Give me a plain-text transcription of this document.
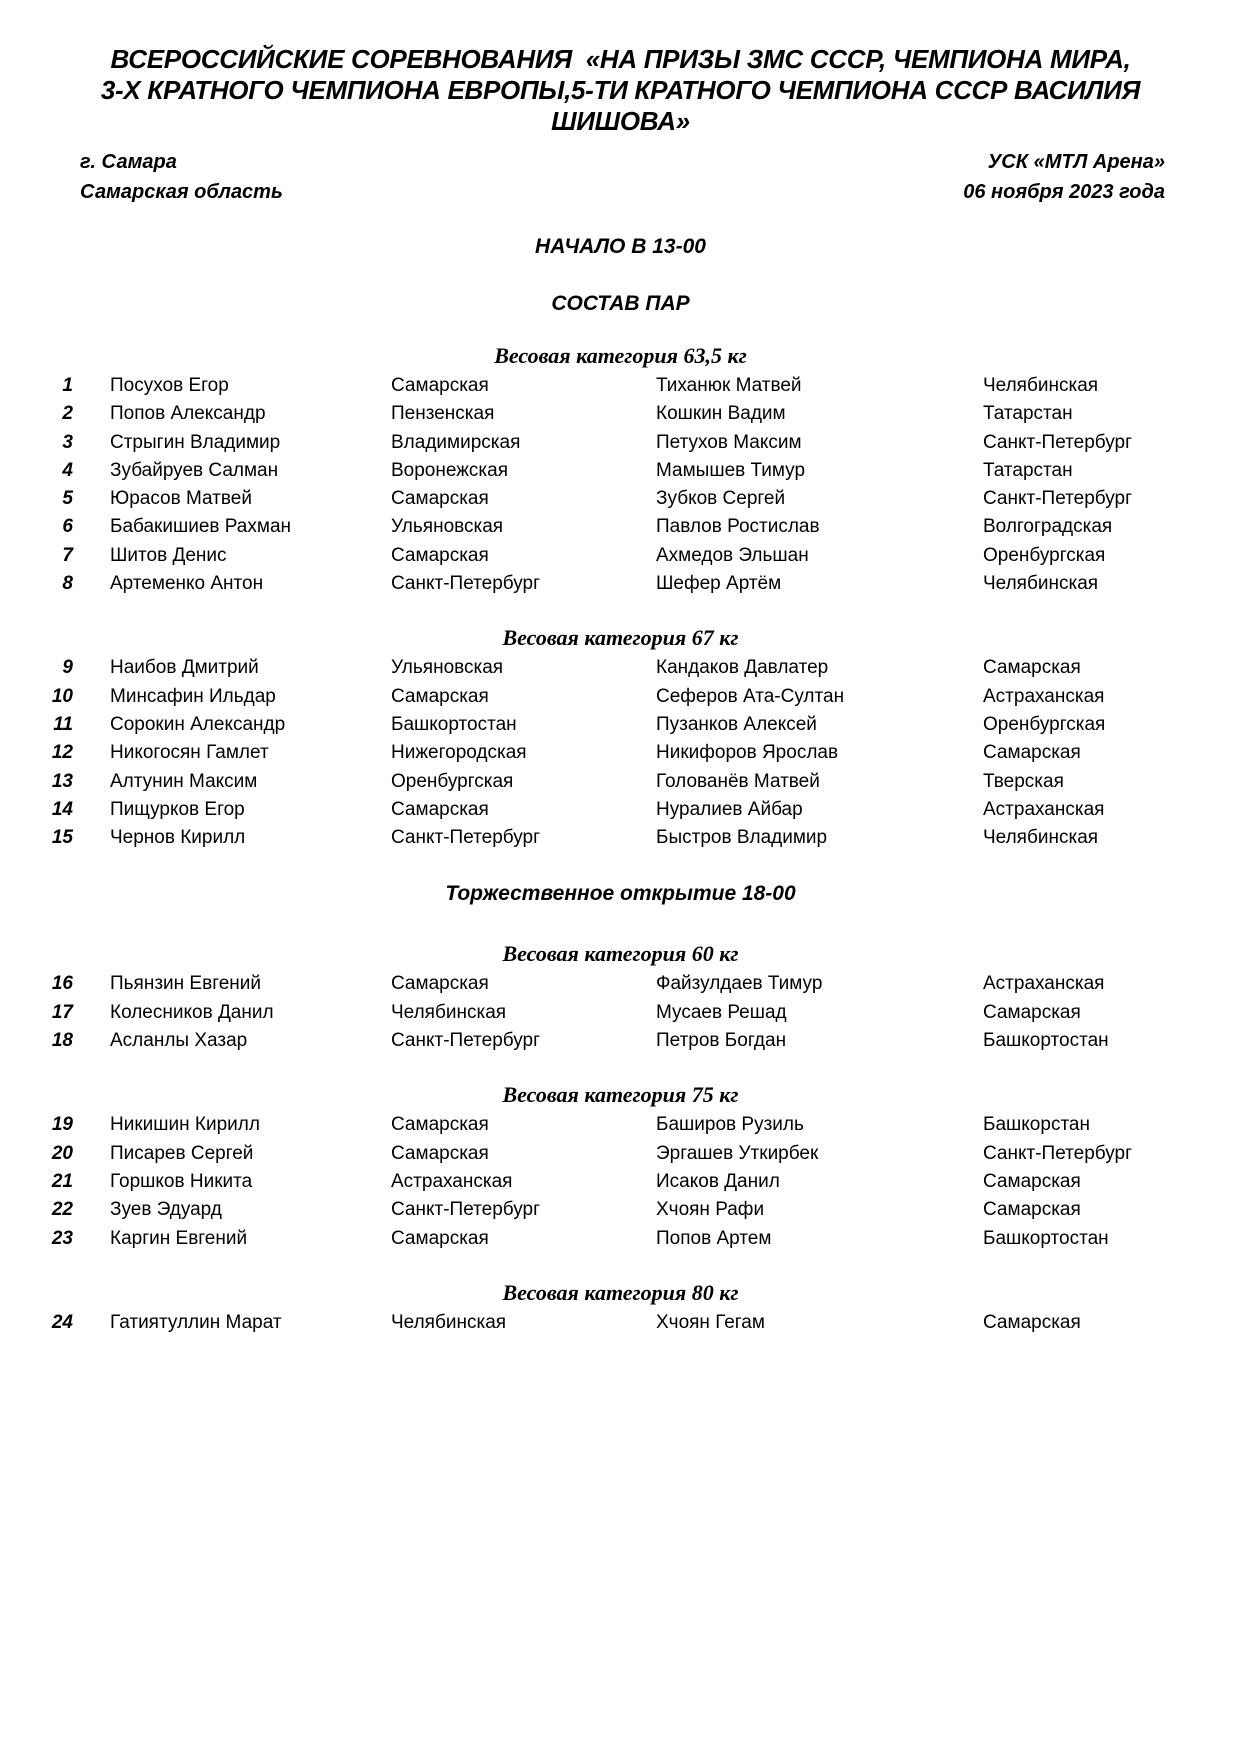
ВСЕРОССИЙСКИЕ СОРЕВНОВАНИЯ  «НА ПРИЗЫ ЗМС СССР, ЧЕМПИОНА МИРА,
3-Х КРАТНОГО ЧЕМПИОНА ЕВРОПЫ,5-ТИ КРАТНОГО ЧЕМПИОНА СССР ВАСИЛИЯ
ШИШОВА»
г. Самара
Самарская область
УСК «МТЛ Арена»
06 ноября 2023 года
НАЧАЛО В 13-00
СОСТАВ ПАР
Весовая категория 63,5 кг
1 Посухов Егор	Самарская	Тиханюк Матвей	Челябинская
2 Попов Александр	Пензенская	Кошкин Вадим	Татарстан
3 Стрыгин Владимир	Владимирская	Петухов Максим	Санкт-Петербург
4 Зубайруев Салман	Воронежская	Мамышев Тимур	Татарстан
5 Юрасов Матвей	Самарская	Зубков Сергей	Санкт-Петербург
6 Бабакишиев Рахман	Ульяновская	Павлов Ростислав	Волгоградская
7 Шитов Денис	Самарская	Ахмедов Эльшан	Оренбургская
8 Артеменко Антон	Санкт-Петербург	Шефер Артём	Челябинская
Весовая категория 67 кг
9 Наибов Дмитрий	Ульяновская	Кандаков Давлатер	Самарская
10 Минсафин Ильдар	Самарская	Сеферов Ата-Султан	Астраханская
11 Сорокин Александр	Башкортостан	Пузанков Алексей	Оренбургская
12 Никогосян Гамлет	Нижегородская	Никифоров Ярослав	Самарская
13 Алтунин Максим	Оренбургская	Голованёв Матвей	Тверская
14 Пищурков Егор	Самарская	Нуралиев Айбар	Астраханская
15 Чернов Кирилл	Санкт-Петербург	Быстров Владимир	Челябинская
Торжественное открытие 18-00
Весовая категория 60 кг
16 Пьянзин Евгений	Самарская	Файзулдаев Тимур	Астраханская
17 Колесников Данил	Челябинская	Мусаев Решад	Самарская
18 Асланлы Хазар	Санкт-Петербург	Петров Богдан	Башкортостан
Весовая категория 75 кг
19 Никишин Кирилл	Самарская	Баширов Рузиль	Башкорстан
20 Писарев Сергей	Самарская	Эргашев Уткирбек	Санкт-Петербург
21 Горшков Никита	Астраханская	Исаков Данил	Самарская
22 Зуев Эдуард	Санкт-Петербург	Хчоян Рафи	Самарская
23 Каргин Евгений	Самарская	Попов Артем	Башкортостан
Весовая категория 80 кг
24 Гатиятуллин Марат	Челябинская	Хчоян Гегам	Самарская
